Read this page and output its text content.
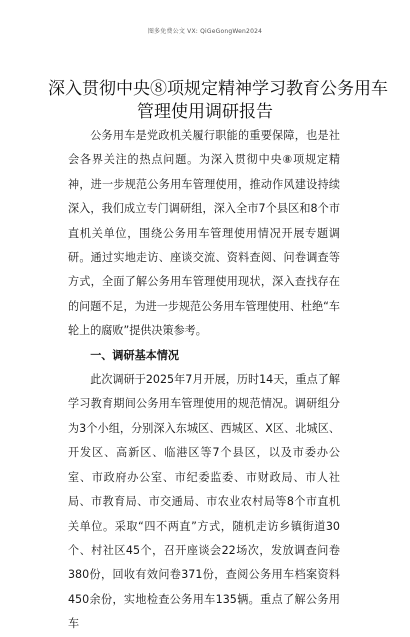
图多免费公文 VX: QiGeGongWen2024
深入贯彻中央⑧项规定精神学习教育公务用车
管理使用调研报告

公务用车是党政机关履行职能的重要保障，也是社会各界关注的热点问题。为深入贯彻中央⑧项规定精神，进一步规范公务用车管理使用，推动作风建设持续深入，我们成立专门调研组，深入全市7个县区和8个市直机关单位，围绕公务用车管理使用情况开展专题调研。通过实地走访、座谈交流、资料查阅、问卷调查等方式，全面了解公务用车管理使用现状，深入查找存在的问题不足，为进一步规范公务用车管理使用、杜绝“车轮上的腐败”提供决策参考。

一、调研基本情况

此次调研于2025年7月开展，历时14天，重点了解学习教育期间公务用车管理使用的规范情况。调研组分为3个小组，分别深入东城区、西城区、X区、北城区、开发区、高新区、临港区等7个县区，以及市委办公室、市政府办公室、市纪委监委、市财政局、市人社局、市教育局、市交通局、市农业农村局等8个市直机关单位。采取“四不两直”方式，随机走访乡镇街道30个、村社区45个，召开座谈会22场次，发放调查问卷380份，回收有效问卷371份，查阅公务用车档案资料450余份，实地检查公务用车135辆。重点了解公务用车
